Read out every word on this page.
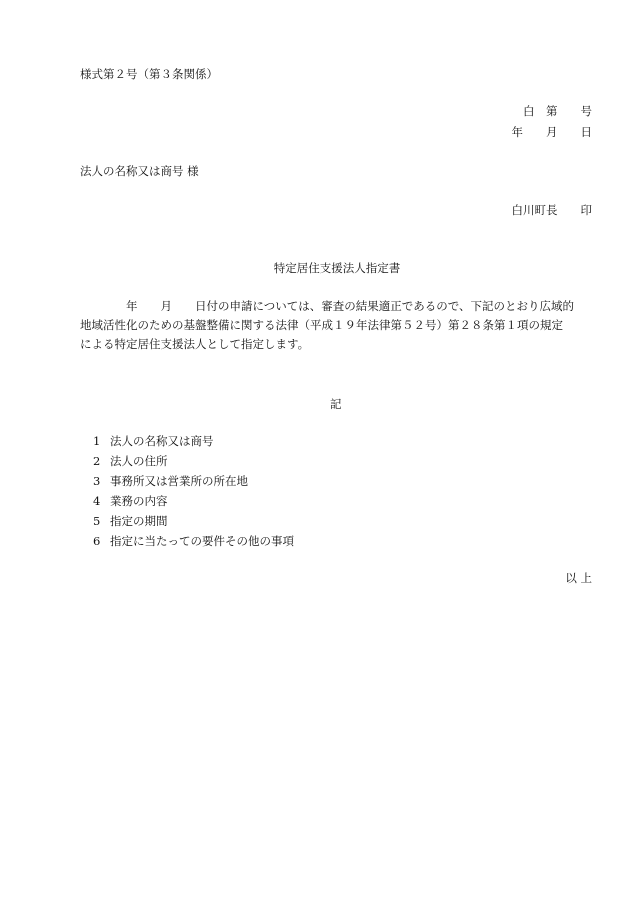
様式第２号（第３条関係）
白　第　　号
年　　月　　日
法人の名称又は商号 様
白川町長　　印
特定居住支援法人指定書
　　　　年　　月　　日付の申請については、審査の結果適正であるので、下記のとおり広域的
地域活性化のための基盤整備に関する法律（平成１９年法律第５２号）第２８条第１項の規定
による特定居住支援法人として指定します。
記
1 法人の名称又は商号
2 法人の住所
3 事務所又は営業所の所在地
4 業務の内容
5 指定の期間
6 指定に当たっての要件その他の事項
以 上
